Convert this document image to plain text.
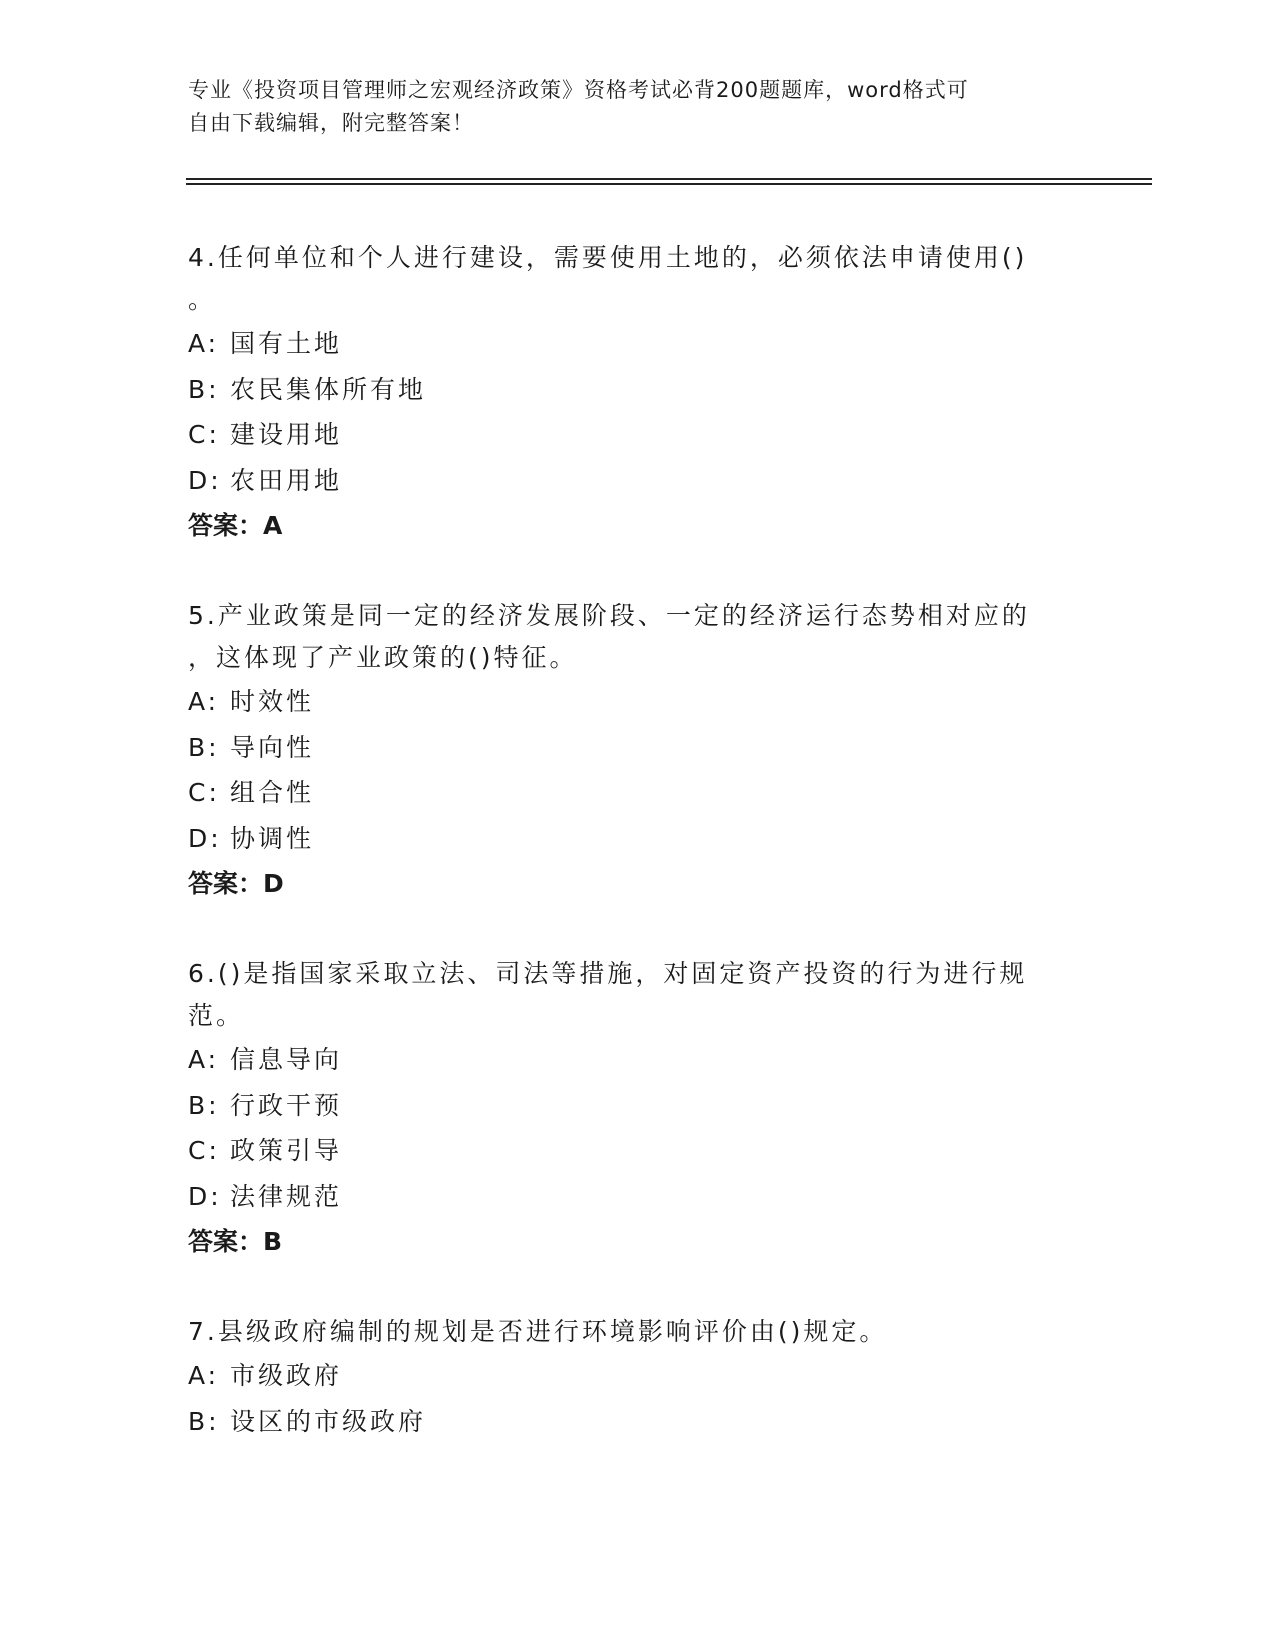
专业《投资项目管理师之宏观经济政策》资格考试必背200题题库，word格式可
自由下载编辑，附完整答案！
4.任何单位和个人进行建设，需要使用土地的，必须依法申请使用()
。
A: 国有土地
B: 农民集体所有地
C: 建设用地
D: 农田用地
答案：A
5.产业政策是同一定的经济发展阶段、一定的经济运行态势相对应的
，这体现了产业政策的()特征。
A: 时效性
B: 导向性
C: 组合性
D: 协调性
答案：D
6.()是指国家采取立法、司法等措施，对固定资产投资的行为进行规
范。
A: 信息导向
B: 行政干预
C: 政策引导
D: 法律规范
答案：B
7.县级政府编制的规划是否进行环境影响评价由()规定。
A: 市级政府
B: 设区的市级政府
